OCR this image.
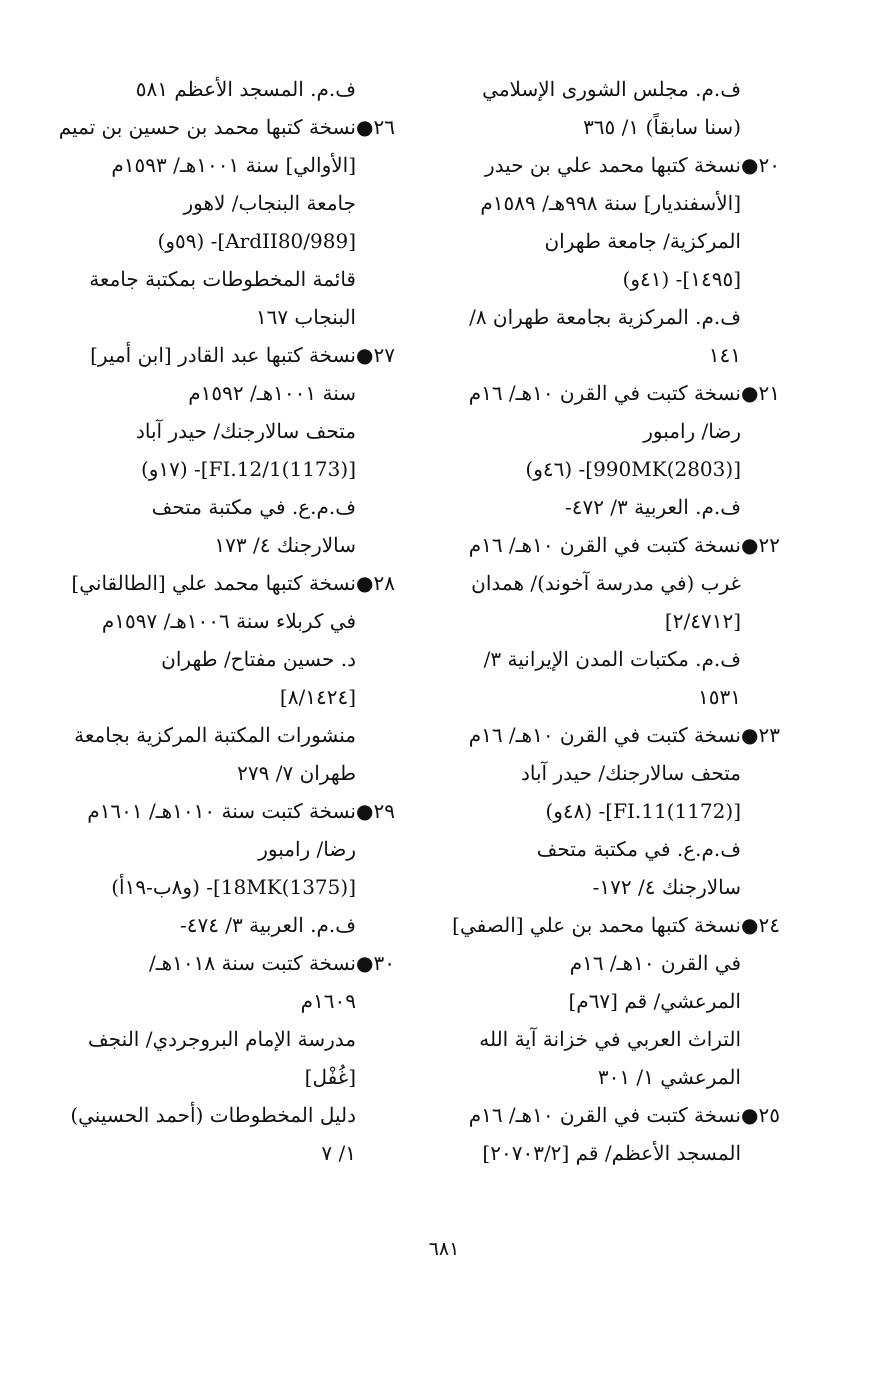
ف.م. مجلس الشورى الإسلامي
(سنا سابقاً) ١/ ٣٦٥
٢٠●نسخة كتبها محمد علي بن حيدر
[الأسفنديار] سنة ٩٩٨هـ/ ١٥٨٩م
المركزية/ جامعة طهران
[١٤٩٥]- (٤١و)
ف.م. المركزية بجامعة طهران ٨/
١٤١
٢١●نسخة كتبت في القرن ١٠هـ/ ١٦م
رضا/ رامبور
[(2803)990MK]- (٤٦و)
ف.م. العربية ٣/ ٤٧٢-
٢٢●نسخة كتبت في القرن ١٠هـ/ ١٦م
غرب (في مدرسة آخوند)/ همدان
[٢/٤٧١٢]
ف.م. مكتبات المدن الإيرانية ٣/
١٥٣١
٢٣●نسخة كتبت في القرن ١٠هـ/ ١٦م
متحف سالارجنك/ حيدر آباد
[(1172)FI.11]- (٤٨و)
ف.م.ع. في مكتبة متحف
سالارجنك ٤/ ١٧٢-
٢٤●نسخة كتبها محمد بن علي [الصفي]
في القرن ١٠هـ/ ١٦م
المرعشي/ قم [٦٧م]
التراث العربي في خزانة آية الله
المرعشي ١/ ٣٠١
٢٥●نسخة كتبت في القرن ١٠هـ/ ١٦م
المسجد الأعظم/ قم [٢٠٧٠٣/٢]
ف.م. المسجد الأعظم ٥٨١
٢٦●نسخة كتبها محمد بن حسين بن تميم
[الأوالي] سنة ١٠٠١هـ/ ١٥٩٣م
جامعة البنجاب/ لاهور
[ArdII80/989]- (٥٩و)
قائمة المخطوطات بمكتبة جامعة
البنجاب ١٦٧
٢٧●نسخة كتبها عبد القادر [ابن أمير]
سنة ١٠٠١هـ/ ١٥٩٢م
متحف سالارجنك/ حيدر آباد
[(1173)FI.12/1]- (١٧و)
ف.م.ع. في مكتبة متحف
سالارجنك ٤/ ١٧٣
٢٨●نسخة كتبها محمد علي [الطالقاني]
في كربلاء سنة ١٠٠٦هـ/ ١٥٩٧م
د. حسين مفتاح/ طهران
[٨/١٤٢٤]
منشورات المكتبة المركزية بجامعة
طهران ٧/ ٢٧٩
٢٩●نسخة كتبت سنة ١٠١٠هـ/ ١٦٠١م
رضا/ رامبور
[(1375)18MK]- (و٨ب-١٩أ)
ف.م. العربية ٣/ ٤٧٤-
٣٠●نسخة كتبت سنة ١٠١٨هـ/
١٦٠٩م
مدرسة الإمام البروجردي/ النجف
[غُفْل]
دليل المخطوطات (أحمد الحسيني)
١/ ٧
٦٨١
